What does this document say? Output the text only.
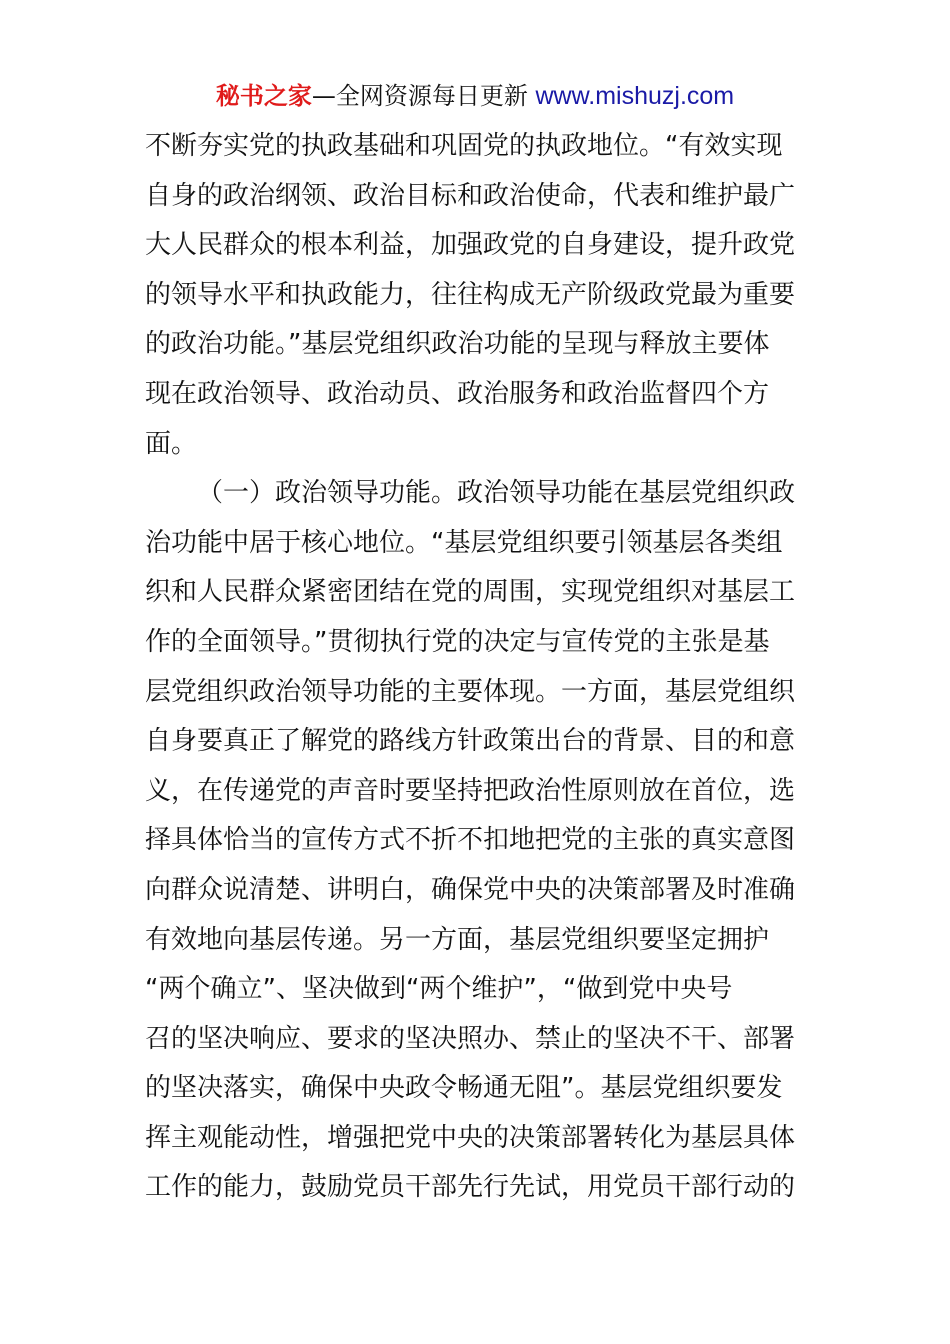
秘书之家—全网资源每日更新 www.mishuzj.com
不断夯实党的执政基础和巩固党的执政地位。“有效实现
自身的政治纲领、政治目标和政治使命，代表和维护最广
大人民群众的根本利益，加强政党的自身建设，提升政党
的领导水平和执政能力，往往构成无产阶级政党最为重要
的政治功能。”基层党组织政治功能的呈现与释放主要体
现在政治领导、政治动员、政治服务和政治监督四个方
面。
（一）政治领导功能。政治领导功能在基层党组织政
治功能中居于核心地位。“基层党组织要引领基层各类组
织和人民群众紧密团结在党的周围，实现党组织对基层工
作的全面领导。”贯彻执行党的决定与宣传党的主张是基
层党组织政治领导功能的主要体现。一方面，基层党组织
自身要真正了解党的路线方针政策出台的背景、目的和意
义，在传递党的声音时要坚持把政治性原则放在首位，选
择具体恰当的宣传方式不折不扣地把党的主张的真实意图
向群众说清楚、讲明白，确保党中央的决策部署及时准确
有效地向基层传递。另一方面，基层党组织要坚定拥护
“两个确立”、坚决做到“两个维护”，“做到党中央号
召的坚决响应、要求的坚决照办、禁止的坚决不干、部署
的坚决落实，确保中央政令畅通无阻”。基层党组织要发
挥主观能动性，增强把党中央的决策部署转化为基层具体
工作的能力，鼓励党员干部先行先试，用党员干部行动的
